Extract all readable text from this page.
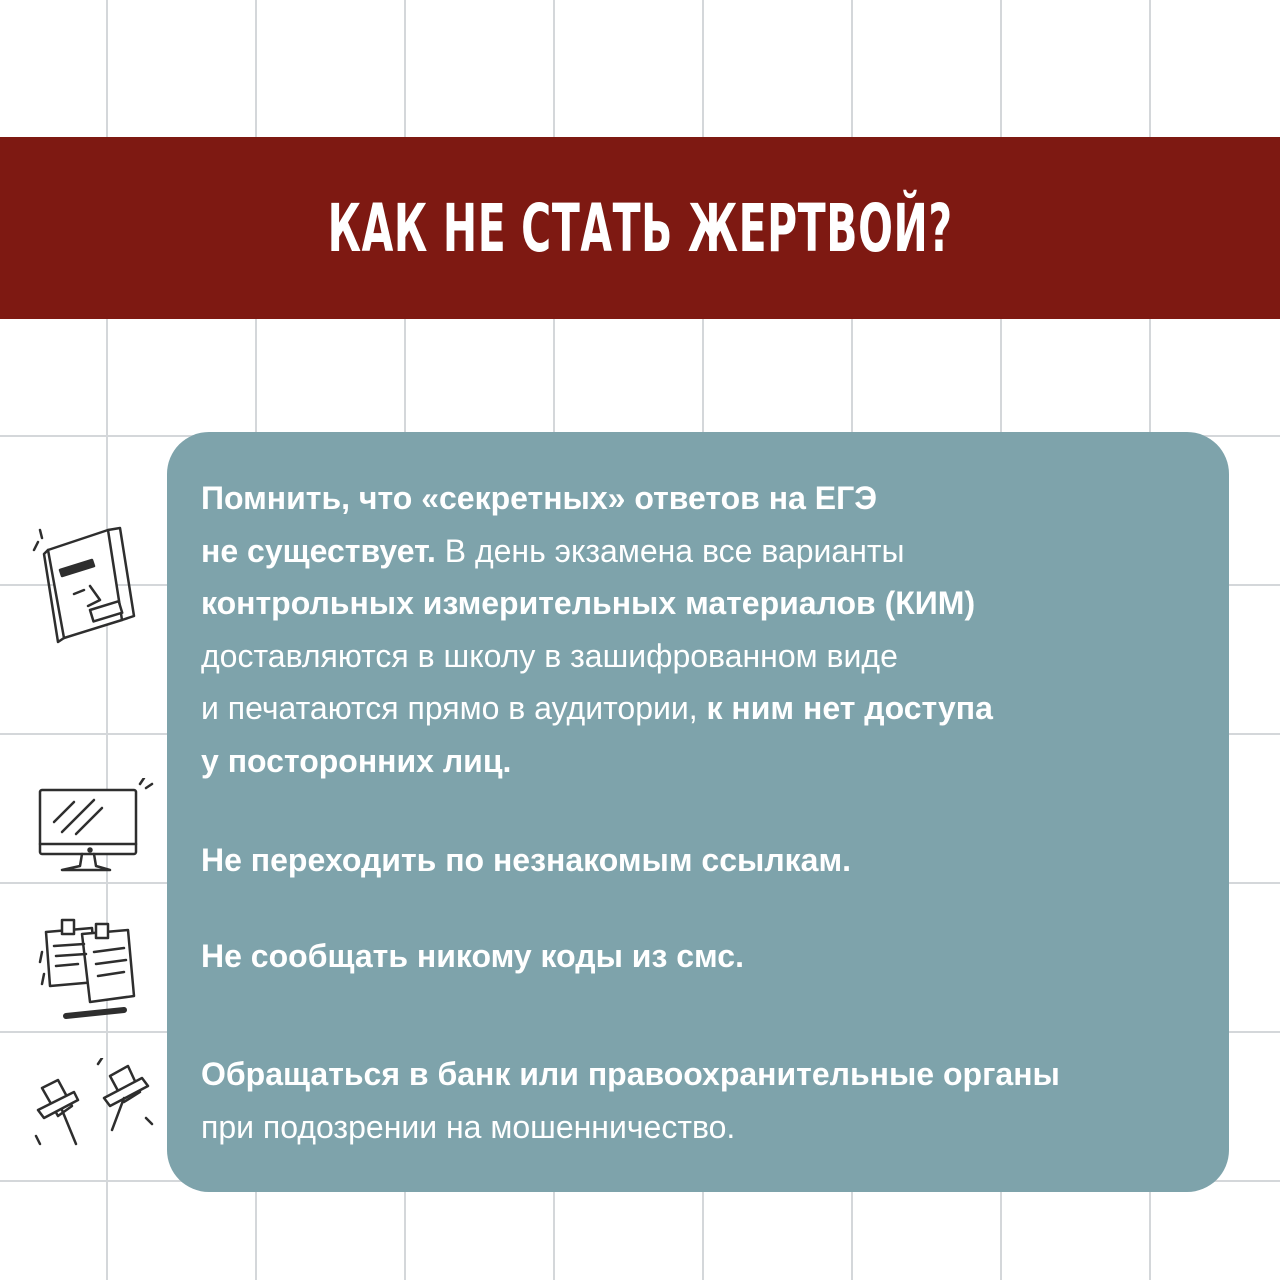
КАК НЕ СТАТЬ ЖЕРТВОЙ?

Помнить, что «секретных» ответов на ЕГЭ
не существует. В день экзамена все варианты
контрольных измерительных материалов (КИМ)
доставляются в школу в зашифрованном виде
и печатаются прямо в аудитории, к ним нет доступа
у посторонних лиц.

Не переходить по незнакомым ссылкам.

Не сообщать никому коды из смс.

Обращаться в банк или правоохранительные органы
при подозрении на мошенничество.
